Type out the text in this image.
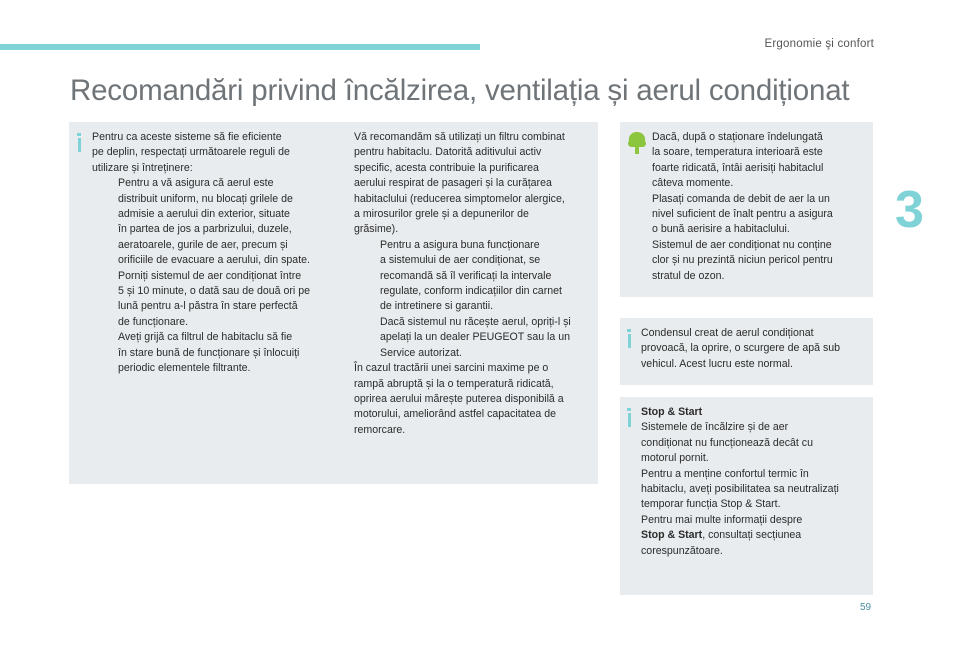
Ergonomie şi confort
Recomandări privind încălzirea, ventilația și aerul condiționat
3
59

Pentru ca aceste sisteme să fie eficiente

pe deplin, respectați următoarele reguli de

utilizare și întreținere:

Pentru a vă asigura că aerul este

distribuit uniform, nu blocați grilele de

admisie a aerului din exterior, situate

în partea de jos a parbrizului, duzele,

aeratoarele, gurile de aer, precum și

orificiile de evacuare a aerului, din spate.

Porniți sistemul de aer condiționat între

5 și 10 minute, o dată sau de două ori pe

lună pentru a-l păstra în stare perfectă

de funcționare.

Aveți grijă ca filtrul de habitaclu să fie

în stare bună de funcționare și înlocuiți

periodic elementele filtrante.

Vă recomandăm să utilizați un filtru combinat

pentru habitaclu. Datorită aditivului activ

specific, acesta contribuie la purificarea

aerului respirat de pasageri și la curățarea

habitaclului (reducerea simptomelor alergice,

a mirosurilor grele și a depunerilor de

grăsime).

Pentru a asigura buna funcționare

a sistemului de aer condiționat, se

recomandă să îl verificați la intervale

regulate, conform indicațiilor din carnet

de intretinere si garantii.

Dacă sistemul nu răcește aerul, opriți-l și

apelați la un dealer PEUGEOT sau la un

Service autorizat.

În cazul tractării unei sarcini maxime pe o

rampă abruptă și la o temperatură ridicată,

oprirea aerului mărește puterea disponibilă a

motorului, ameliorând astfel capacitatea de

remorcare.

Dacă, după o staționare îndelungată

la soare, temperatura interioară este

foarte ridicată, întâi aerisiți habitaclul

câteva momente.

Plasați comanda de debit de aer la un

nivel suficient de înalt pentru a asigura

o bună aerisire a habitaclului.

Sistemul de aer condiționat nu conține

clor și nu prezintă niciun pericol pentru

stratul de ozon.

Condensul creat de aerul condiționat

provoacă, la oprire, o scurgere de apă sub

vehicul. Acest lucru este normal.

Stop & Start

Sistemele de încălzire și de aer

condiționat nu funcționează decât cu

motorul pornit.

Pentru a menține confortul termic în

habitaclu, aveți posibilitatea sa neutralizați

temporar funcția Stop & Start.

Pentru mai multe informații despre

Stop & Start, consultați secțiunea

corespunzătoare.
